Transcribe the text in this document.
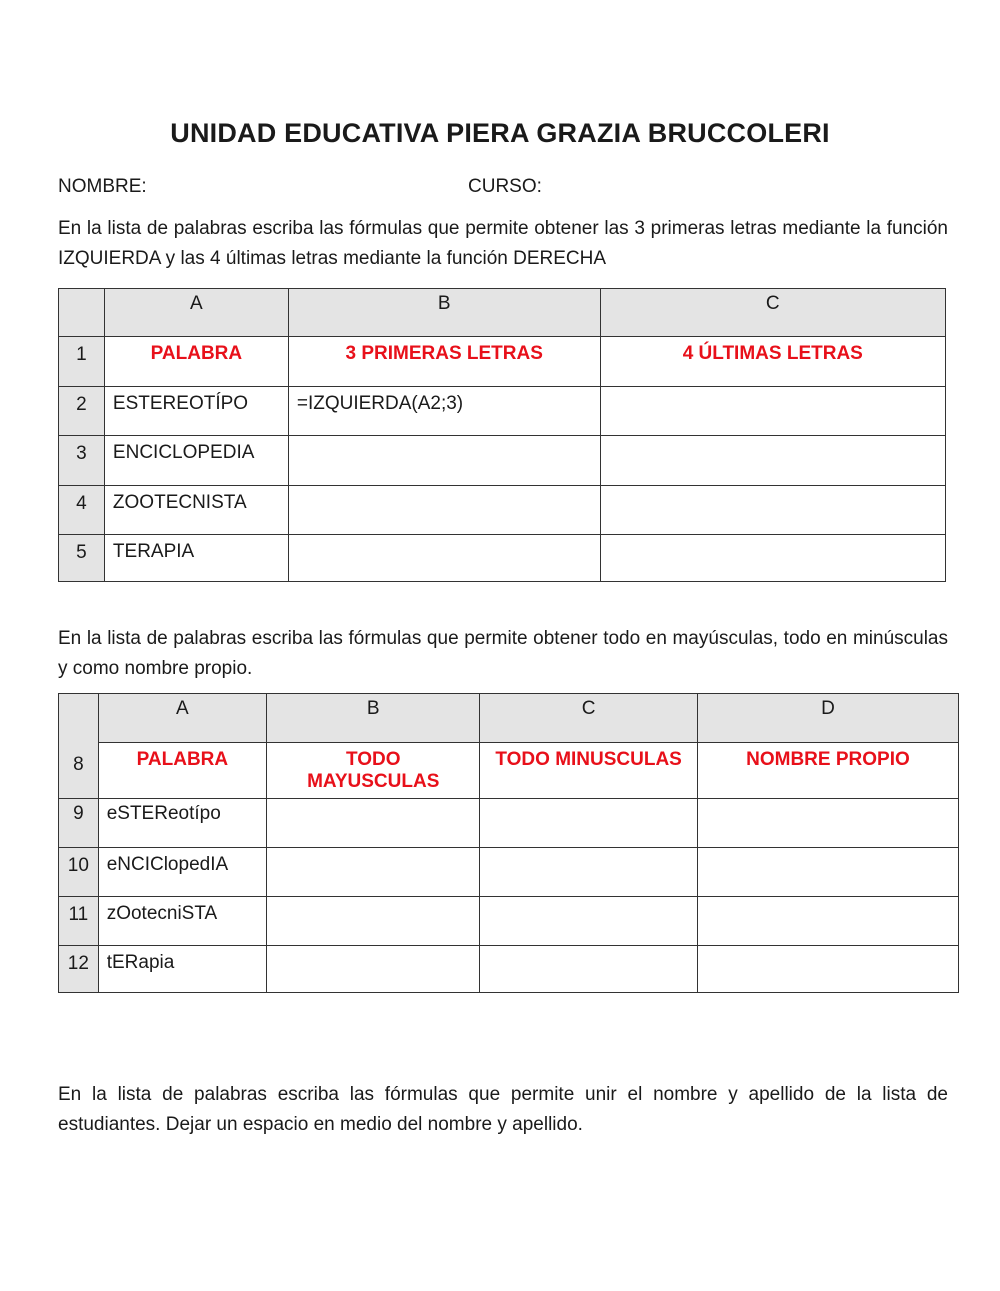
UNIDAD EDUCATIVA PIERA GRAZIA BRUCCOLERI
NOMBRE:	CURSO:
En la lista de palabras escriba las fórmulas que permite obtener las 3 primeras letras mediante la función IZQUIERDA y las 4 últimas letras mediante la función DERECHA
	A	B	C
1	PALABRA	3 PRIMERAS LETRAS	4 ÚLTIMAS LETRAS
2	ESTEREOTÍPO	=IZQUIERDA(A2;3)	
3	ENCICLOPEDIA		
4	ZOOTECNISTA		
5	TERAPIA		
En la lista de palabras escriba las fórmulas que permite obtener todo en mayúsculas, todo en minúsculas y como nombre propio.
8	A	B	C	D
	PALABRA	TODO MAYUSCULAS	TODO MINUSCULAS	NOMBRE PROPIO
9	eSTEReotípo			
10	eNCIClopedIA			
11	zOotecniSTA			
12	tERapia			
En la lista de palabras escriba las fórmulas que permite unir el nombre y apellido de la lista de estudiantes. Dejar un espacio en medio del nombre y apellido.
